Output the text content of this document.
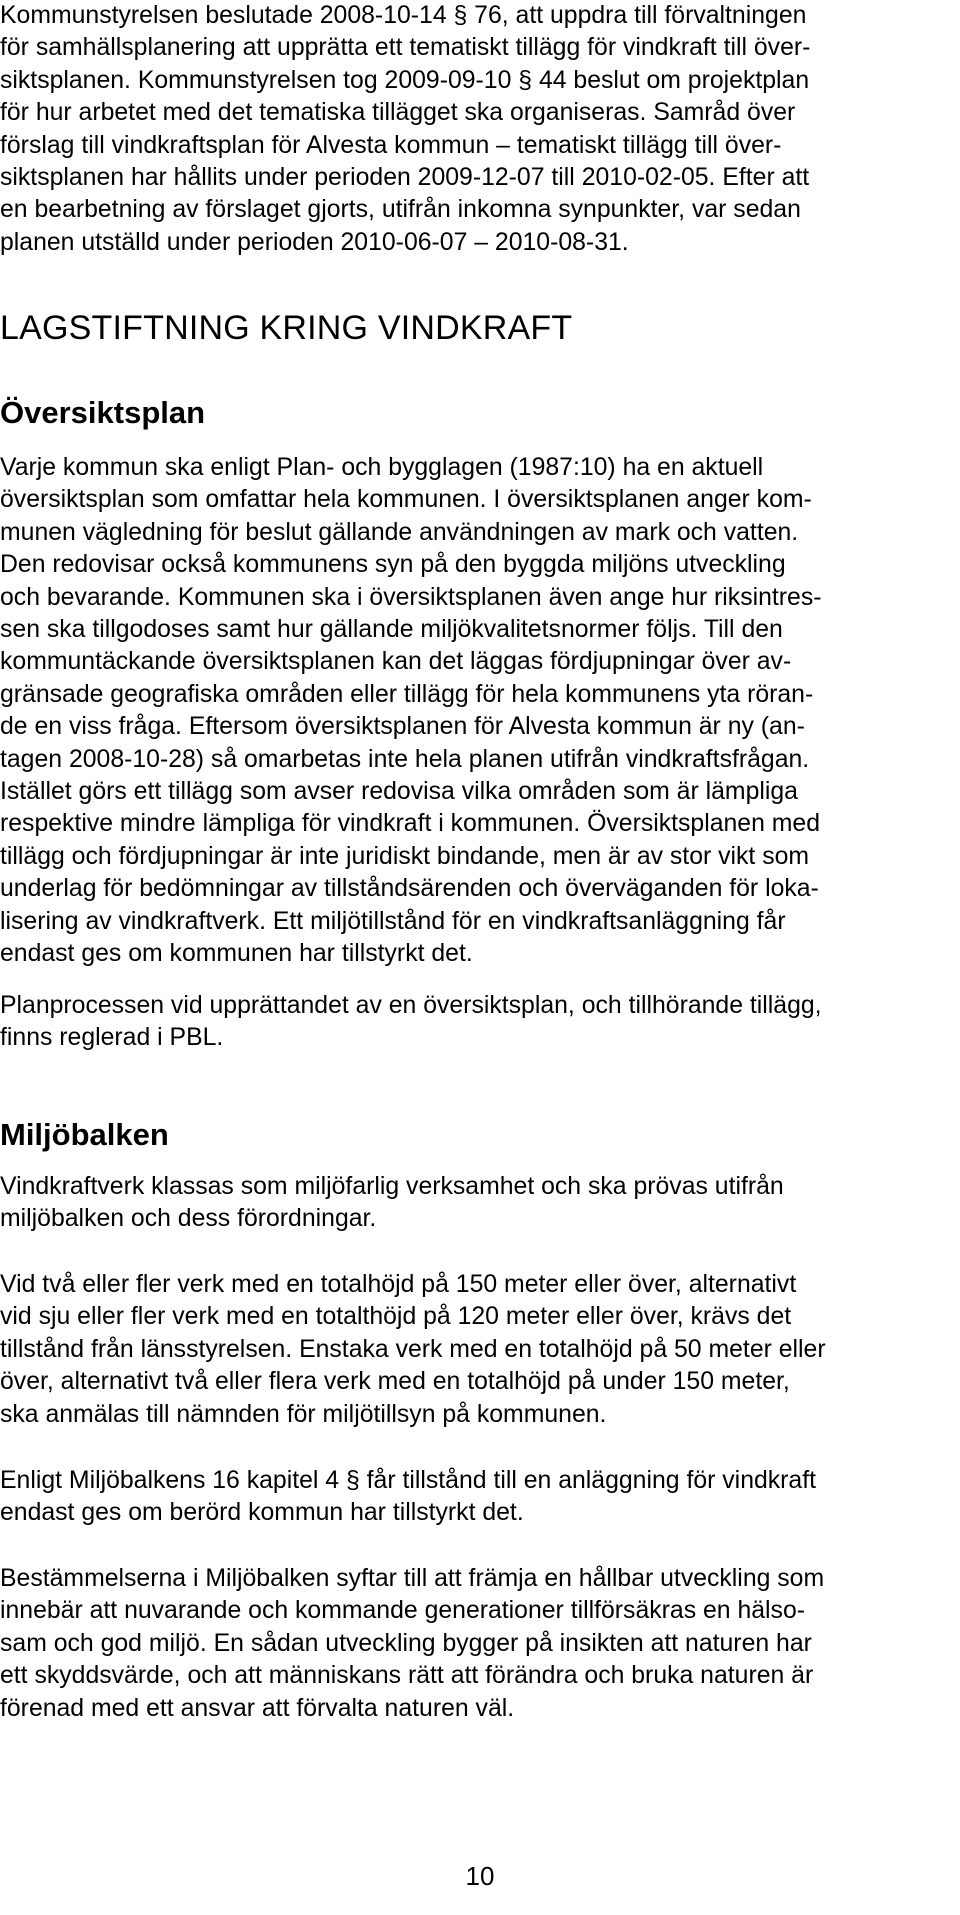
Kommunstyrelsen beslutade 2008-10-14 § 76, att uppdra till förvaltningen
för samhällsplanering att upprätta ett tematiskt tillägg för vindkraft till över-
siktsplanen. Kommunstyrelsen tog 2009-09-10 § 44 beslut om projektplan
för hur arbetet med det tematiska tillägget ska organiseras. Samråd över
förslag till vindkraftsplan för Alvesta kommun – tematiskt tillägg till över-
siktsplanen har hållits under perioden 2009-12-07 till 2010-02-05. Efter att
en bearbetning av förslaget gjorts, utifrån inkomna synpunkter, var sedan
planen utställd under perioden 2010-06-07 – 2010-08-31.
LAGSTIFTNING KRING VINDKRAFT
Översiktsplan
Varje kommun ska enligt Plan- och bygglagen (1987:10) ha en aktuell
översiktsplan som omfattar hela kommunen. I översiktsplanen anger kom-
munen vägledning för beslut gällande användningen av mark och vatten.
Den redovisar också kommunens syn på den byggda miljöns utveckling
och bevarande. Kommunen ska i översiktsplanen även ange hur riksintres-
sen ska tillgodoses samt hur gällande miljökvalitetsnormer följs. Till den
kommuntäckande översiktsplanen kan det läggas fördjupningar över av-
gränsade geografiska områden eller tillägg för hela kommunens yta röran-
de en viss fråga. Eftersom översiktsplanen för Alvesta kommun är ny (an-
tagen 2008-10-28) så omarbetas inte hela planen utifrån vindkraftsfrågan.
Istället görs ett tillägg som avser redovisa vilka områden som är lämpliga
respektive mindre lämpliga för vindkraft i kommunen. Översiktsplanen med
tillägg och fördjupningar är inte juridiskt bindande, men är av stor vikt som
underlag för bedömningar av tillståndsärenden och överväganden för loka-
lisering av vindkraftverk. Ett miljötillstånd för en vindkraftsanläggning får
endast ges om kommunen har tillstyrkt det.
Planprocessen vid upprättandet av en översiktsplan, och tillhörande tillägg,
finns reglerad i PBL.
Miljöbalken
Vindkraftverk klassas som miljöfarlig verksamhet och ska prövas utifrån
miljöbalken och dess förordningar.
Vid två eller fler verk med en totalhöjd på 150 meter eller över, alternativt
vid sju eller fler verk med en totalthöjd på 120 meter eller över, krävs det
tillstånd från länsstyrelsen. Enstaka verk med en totalhöjd på 50 meter eller
över, alternativt två eller flera verk med en totalhöjd på under 150 meter,
ska anmälas till nämnden för miljötillsyn på kommunen.
Enligt Miljöbalkens 16 kapitel 4 § får tillstånd till en anläggning för vindkraft
endast ges om berörd kommun har tillstyrkt det.
Bestämmelserna i Miljöbalken syftar till att främja en hållbar utveckling som
innebär att nuvarande och kommande generationer tillförsäkras en hälso-
sam och god miljö. En sådan utveckling bygger på insikten att naturen har
ett skyddsvärde, och att människans rätt att förändra och bruka naturen är
förenad med ett ansvar att förvalta naturen väl.
10
